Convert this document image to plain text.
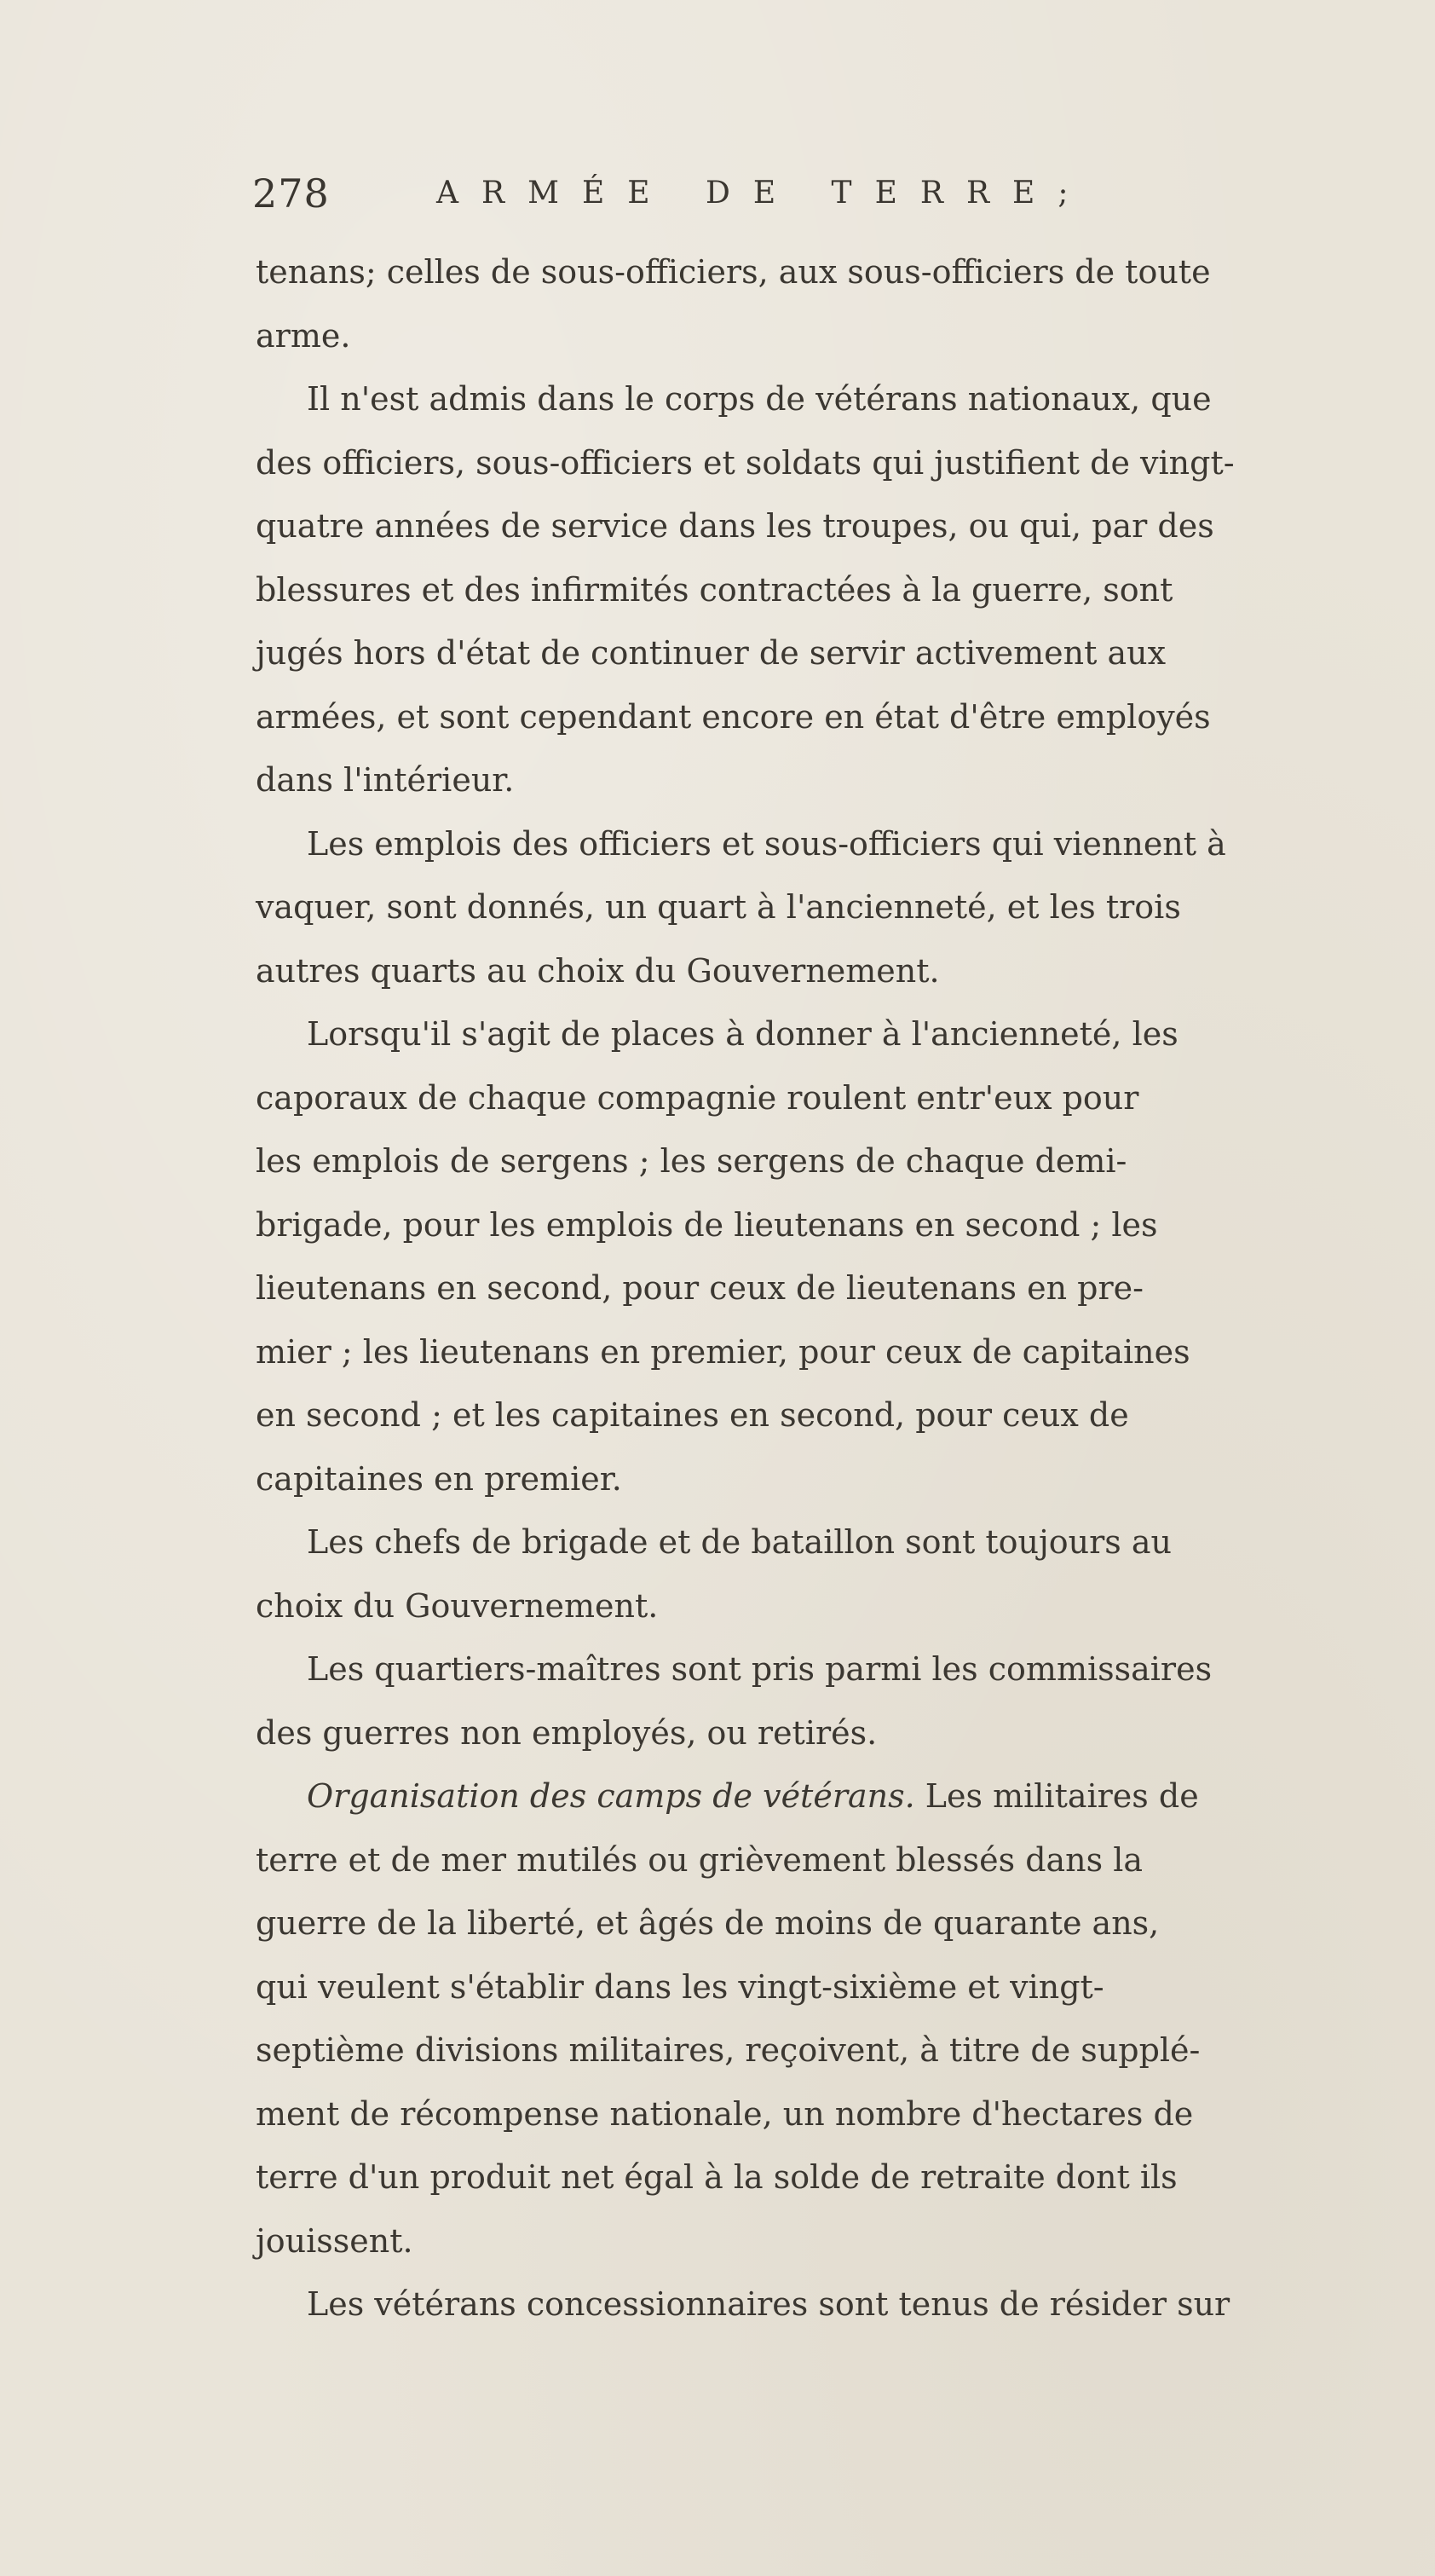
278	ARMÉE DE TERRE;
tenans; celles de sous-officiers, aux sous-officiers de toute
arme.
Il n'est admis dans le corps de vétérans nationaux, que
des officiers, sous-officiers et soldats qui justifient de vingt-
quatre années de service dans les troupes, ou qui, par des
blessures et des infirmités contractées à la guerre, sont
jugés hors d'état de continuer de servir activement aux
armées, et sont cependant encore en état d'être employés
dans l'intérieur.
Les emplois des officiers et sous-officiers qui viennent à
vaquer, sont donnés, un quart à l'ancienneté, et les trois
autres quarts au choix du Gouvernement.
Lorsqu'il s'agit de places à donner à l'ancienneté, les
caporaux de chaque compagnie roulent entr'eux pour
les emplois de sergens ; les sergens de chaque demi-
brigade, pour les emplois de lieutenans en second ; les
lieutenans en second, pour ceux de lieutenans en pre-
mier ; les lieutenans en premier, pour ceux de capitaines
en second ; et les capitaines en second, pour ceux de
capitaines en premier.
Les chefs de brigade et de bataillon sont toujours au
choix du Gouvernement.
Les quartiers-maîtres sont pris parmi les commissaires
des guerres non employés, ou retirés.
Organisation des camps de vétérans. Les militaires de
terre et de mer mutilés ou grièvement blessés dans la
guerre de la liberté, et âgés de moins de quarante ans,
qui veulent s'établir dans les vingt-sixième et vingt-
septième divisions militaires, reçoivent, à titre de supplé-
ment de récompense nationale, un nombre d'hectares de
terre d'un produit net égal à la solde de retraite dont ils
jouissent.
Les vétérans concessionnaires sont tenus de résider sur
